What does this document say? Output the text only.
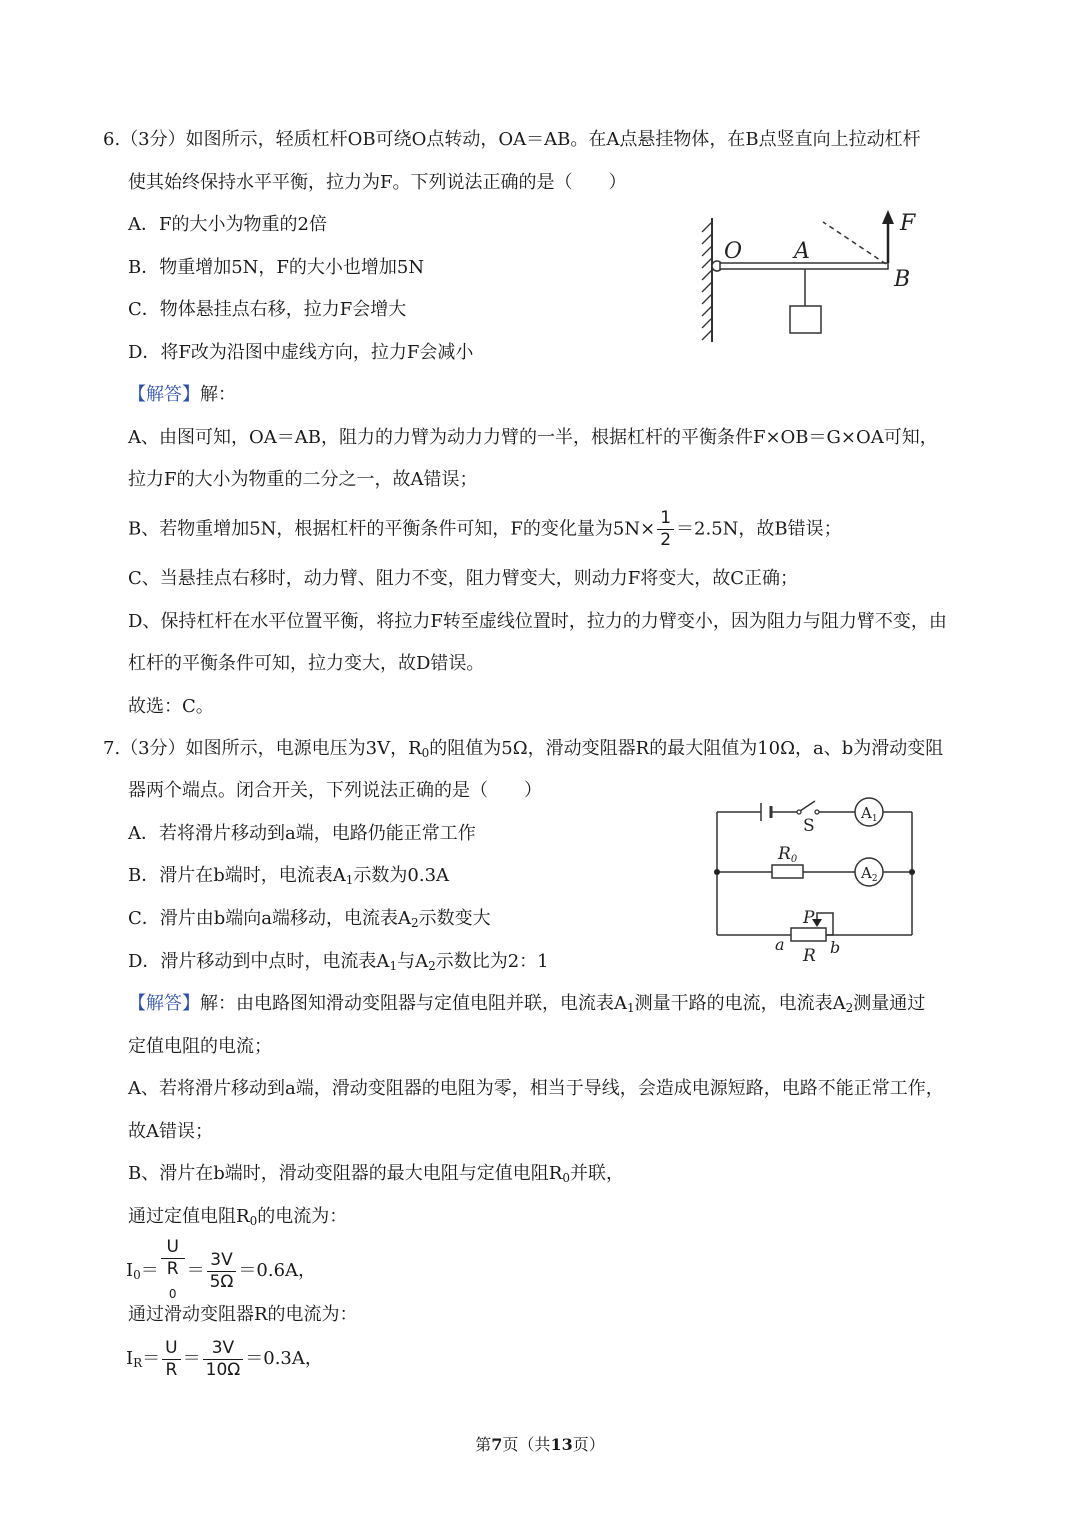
6.（3分）如图所示，轻质杠杆OB可绕O点转动，OA＝AB。在A点悬挂物体，在B点竖直向上拉动杠杆
使其始终保持水平平衡，拉力为F。下列说法正确的是（　　）
A．F的大小为物重的2倍
B．物重增加5N，F的大小也增加5N
C．物体悬挂点右移，拉力F会增大
D．将F改为沿图中虚线方向，拉力F会减小
O A
B
F
【解答】解：
A、由图可知，OA＝AB，阻力的力臂为动力力臂的一半，根据杠杆的平衡条件F×OB＝G×OA可知，
拉力F的大小为物重的二分之一，故A错误；
B、若物重增加5N，根据杠杆的平衡条件可知，F的变化量为$5N\times \frac{1}{2} =2.5N$，故B错误；
C、当悬挂点右移时，动力臂、阻力不变，阻力臂变大，则动力F将变大，故C正确；
D、保持杠杆在水平位置平衡，将拉力F转至虚线位置时，拉力的力臂变小，因为阻力与阻力臂不变，由
杠杆的平衡条件可知，拉力变大，故D错误。
故选：C。
7.（3分）如图所示，电源电压为3V，$R_0$的阻值为5Ω，滑动变阻器R的最大阻值为10Ω，a、b为滑动变阻
器两个端点。闭合开关，下列说法正确的是（　　）
A．若将滑片移动到a端，电路仍能正常工作
B．滑片在b端时，电流表$A_1$示数为0.3A
C．滑片由b端向a端移动，电流表$A_2$示数变大
D．滑片移动到中点时，电流表$A_1$与$A_2$示数比为2：1
S
$A_1$
R0
$A_2$
P
R
a	b
【解答】解：由电路图知滑动变阻器与定值电阻并联，电流表$A_1$测量干路的电流，电流表$A_2$测量通过
定值电阻的电流；
A、若将滑片移动到a端，滑动变阻器的电阻为零，相当于导线，会造成电源短路，电路不能正常工作，
故A错误；
B、滑片在b端时，滑动变阻器的最大电阻与定值电阻$R_0$并联，
通过定值电阻$R_0$的电流为：
$I_0= U$
R
$_0 = \frac{3V}{5\Omega} =0.6A$，
通过滑动变阻器R的电流为：
$I_R= \frac{U}{R} = \frac{3V}{10\Omega} =0.3A$，
第7页（共13页）
